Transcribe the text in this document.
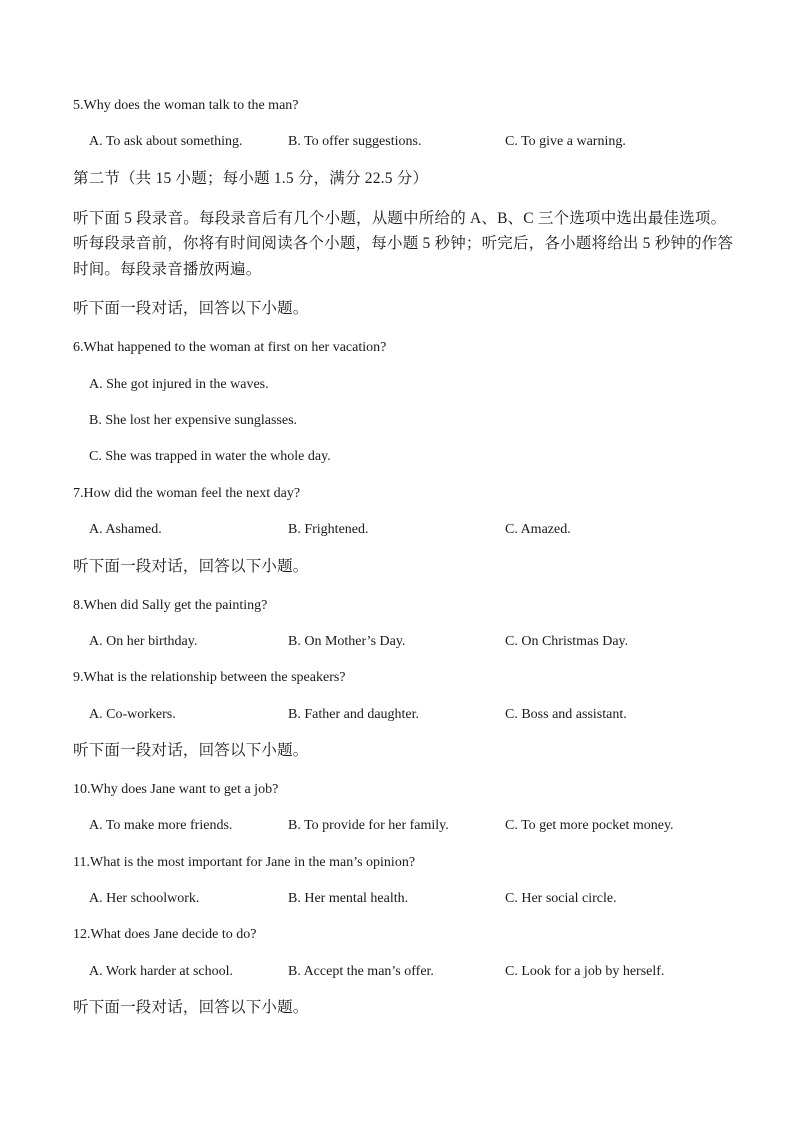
5.Why does the woman talk to the man?
A. To ask about something.	B. To offer suggestions.	C. To give a warning.
第二节（共 15 小题；每小题 1.5 分，满分 22.5 分）
听下面 5 段录音。每段录音后有几个小题，从题中所给的 A、B、C 三个选项中选出最佳选项。
听每段录音前，你将有时间阅读各个小题，每小题 5 秒钟；听完后，各小题将给出 5 秒钟的作答
时间。每段录音播放两遍。
听下面一段对话，回答以下小题。
6.What happened to the woman at first on her vacation?
A. She got injured in the waves.
B. She lost her expensive sunglasses.
C. She was trapped in water the whole day.
7.How did the woman feel the next day?
A. Ashamed.	B. Frightened.	C. Amazed.
听下面一段对话，回答以下小题。
8.When did Sally get the painting?
A. On her birthday.	B. On Mother’s Day.	C. On Christmas Day.
9.What is the relationship between the speakers?
A. Co-workers.	B. Father and daughter.	C. Boss and assistant.
听下面一段对话，回答以下小题。
10.Why does Jane want to get a job?
A. To make more friends.	B. To provide for her family.	C. To get more pocket money.
11.What is the most important for Jane in the man’s opinion?
A. Her schoolwork.	B. Her mental health.	C. Her social circle.
12.What does Jane decide to do?
A. Work harder at school.	B. Accept the man’s offer.	C. Look for a job by herself.
听下面一段对话，回答以下小题。
